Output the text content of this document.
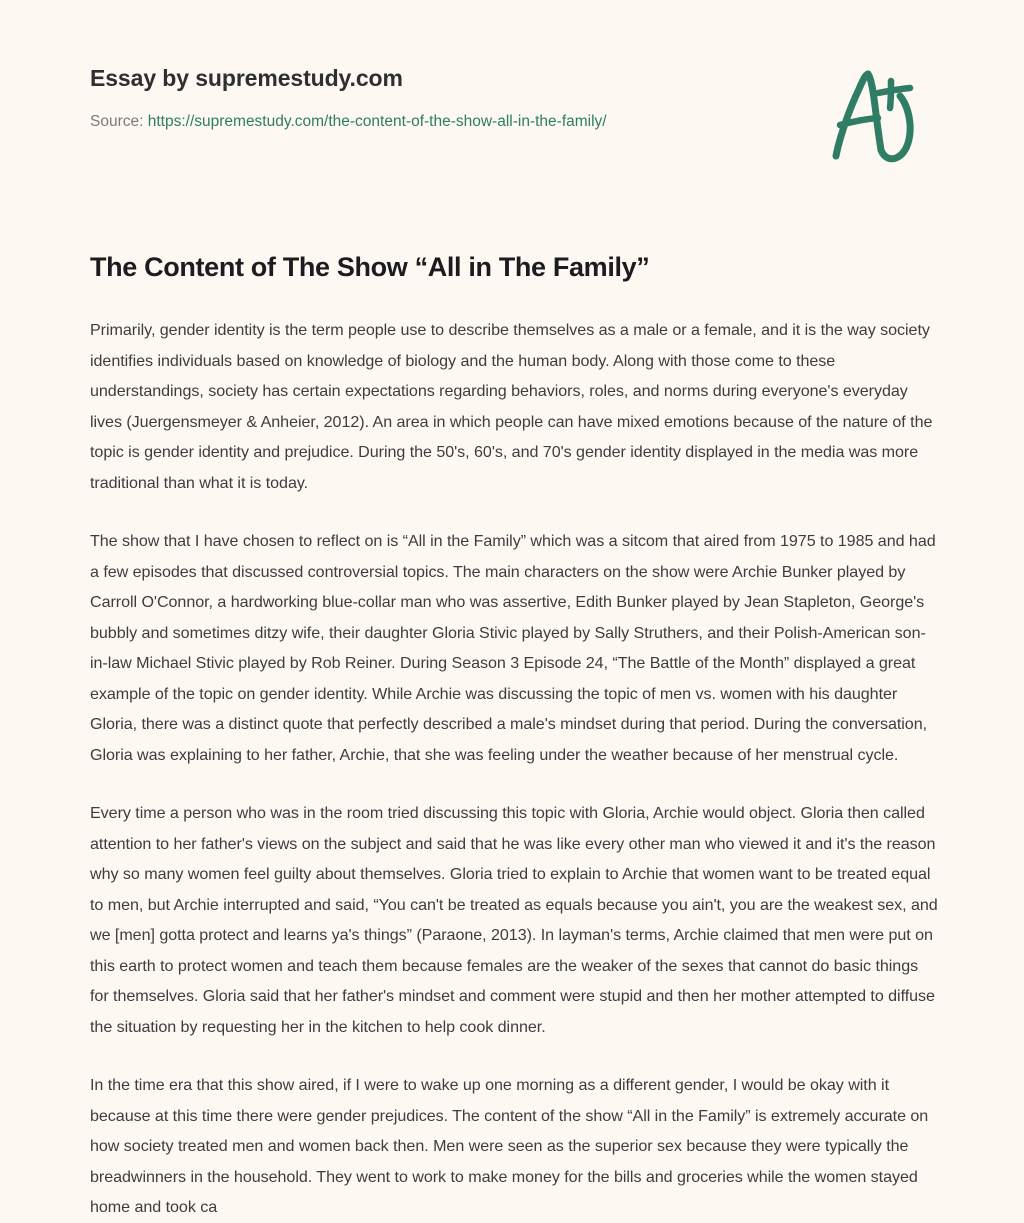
Essay by supremestudy.com
Source: https://supremestudy.com/the-content-of-the-show-all-in-the-family/
The Content of The Show “All in The Family”

Primarily, gender identity is the term people use to describe themselves as a male or a female, and it is the way society identifies individuals based on knowledge of biology and the human body. Along with those come to these understandings, society has certain expectations regarding behaviors, roles, and norms during everyone's everyday lives (Juergensmeyer & Anheier, 2012). An area in which people can have mixed emotions because of the nature of the topic is gender identity and prejudice. During the 50's, 60's, and 70's gender identity displayed in the media was more traditional than what it is today.

The show that I have chosen to reflect on is “All in the Family” which was a sitcom that aired from 1975 to 1985 and had a few episodes that discussed controversial topics. The main characters on the show were Archie Bunker played by Carroll O'Connor, a hardworking blue-collar man who was assertive, Edith Bunker played by Jean Stapleton, George's bubbly and sometimes ditzy wife, their daughter Gloria Stivic played by Sally Struthers, and their Polish-American son-in-law Michael Stivic played by Rob Reiner. During Season 3 Episode 24, “The Battle of the Month” displayed a great example of the topic on gender identity. While Archie was discussing the topic of men vs. women with his daughter Gloria, there was a distinct quote that perfectly described a male's mindset during that period. During the conversation, Gloria was explaining to her father, Archie, that she was feeling under the weather because of her menstrual cycle.

Every time a person who was in the room tried discussing this topic with Gloria, Archie would object. Gloria then called attention to her father's views on the subject and said that he was like every other man who viewed it and it's the reason why so many women feel guilty about themselves. Gloria tried to explain to Archie that women want to be treated equal to men, but Archie interrupted and said, “You can't be treated as equals because you ain't, you are the weakest sex, and we [men] gotta protect and learns ya's things” (Paraone, 2013). In layman's terms, Archie claimed that men were put on this earth to protect women and teach them because females are the weaker of the sexes that cannot do basic things for themselves. Gloria said that her father's mindset and comment were stupid and then her mother attempted to diffuse the situation by requesting her in the kitchen to help cook dinner.

In the time era that this show aired, if I were to wake up one morning as a different gender, I would be okay with it because at this time there were gender prejudices. The content of the show “All in the Family” is extremely accurate on how society treated men and women back then. Men were seen as the superior sex because they were typically the breadwinners in the household. They went to work to make money for the bills and groceries while the women stayed home and took ca
